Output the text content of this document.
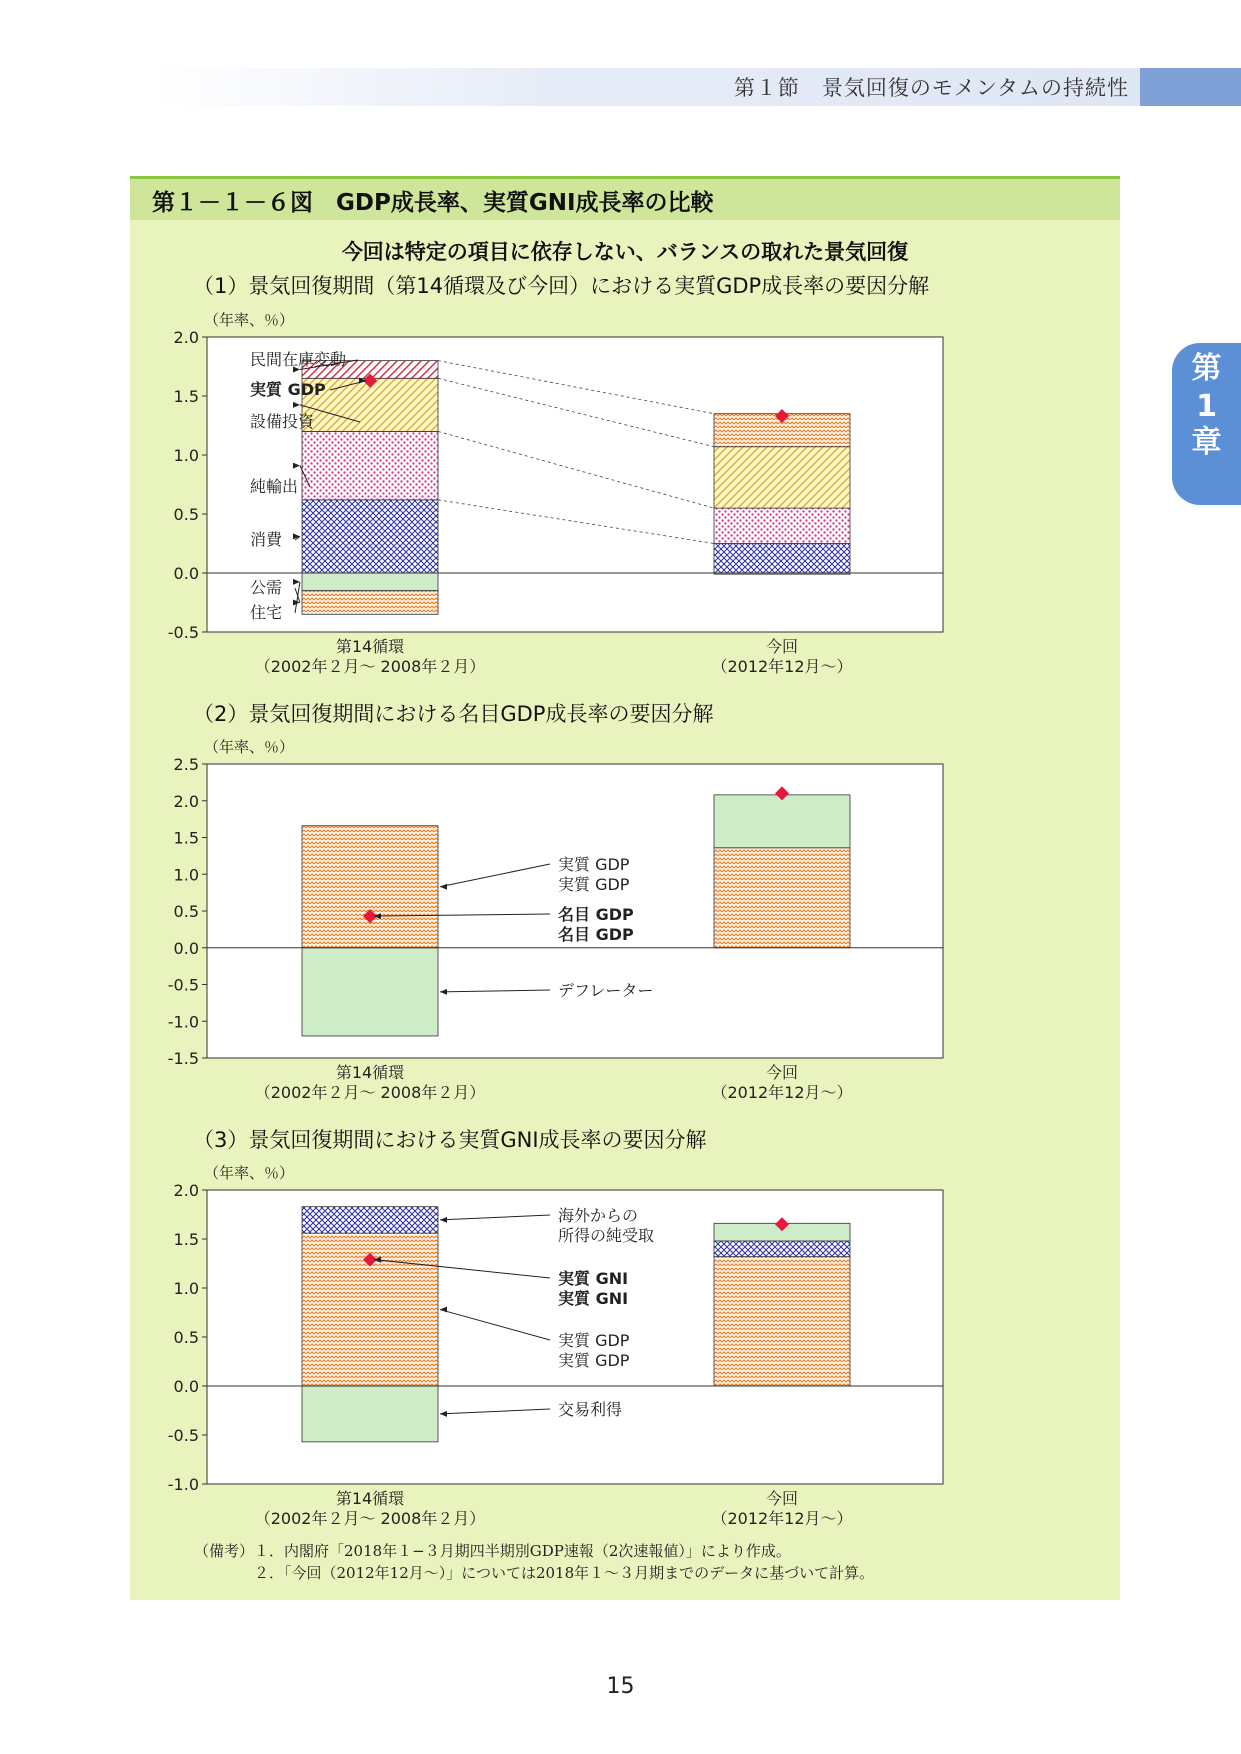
第１節　景気回復のモメンタムの持続性
第
1
章
第１－１－６図　GDP成長率、実質GNI成長率の比較
今回は特定の項目に依存しない、バランスの取れた景気回復
（1）景気回復期間（第14循環及び今回）における実質GDP成長率の要因分解
（年率、％）
2.0
1.5
1.0
0.5
0.0
-0.5
第14循環
（2002年２月〜 2008年２月）
今回
（2012年12月〜）
民間在庫変動
実質 GDP
設備投資
純輸出
消費
公需
住宅
（2）景気回復期間における名目GDP成長率の要因分解
（年率、％）
2.5
2.0
1.5
1.0
0.5
0.0
-0.5
-1.0
-1.5
第14循環
（2002年２月〜 2008年２月）
今回
（2012年12月〜）
実質 GDP
実質 GDP
名目 GDP
名目 GDP
デフレーター
（3）景気回復期間における実質GNI成長率の要因分解
（年率、％）
2.0
1.5
1.0
0.5
0.0
-0.5
-1.0
第14循環
（2002年２月〜 2008年２月）
今回
（2012年12月〜）
海外からの
所得の純受取
実質 GNI
実質 GNI
実質 GDP
実質 GDP
交易利得
（備考）１．内閣府「2018年１−３月期四半期別GDP速報（2次速報値）」により作成。
　　　　２．「今回（2012年12月〜）」については2018年１〜３月期までのデータに基づいて計算。
15
